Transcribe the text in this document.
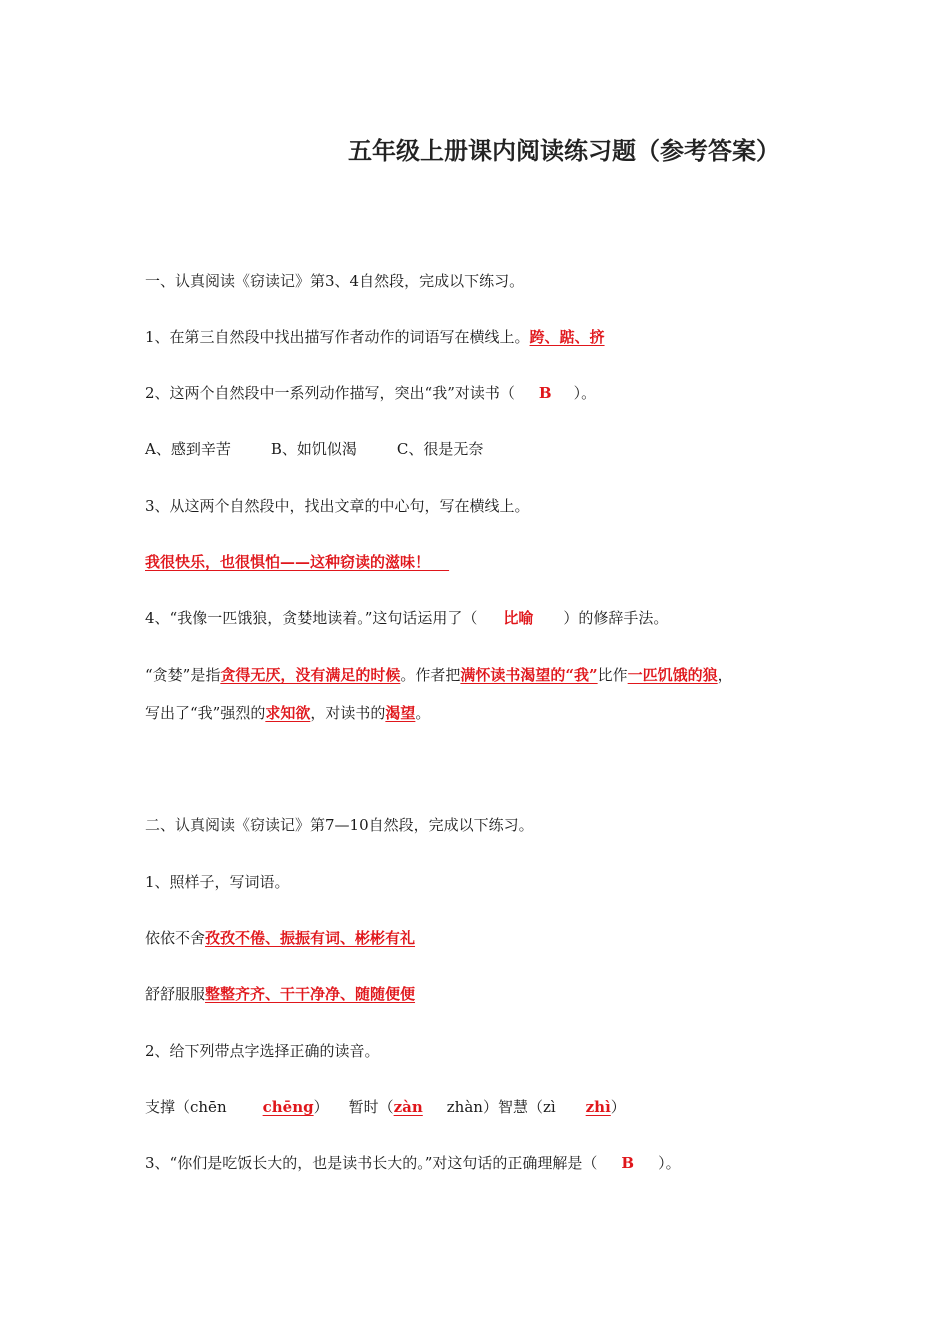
五年级上册课内阅读练习题（参考答案）
一、认真阅读《窃读记》第3、4自然段，完成以下练习。
1、在第三自然段中找出描写作者动作的词语写在横线上。跨、踮、挤
2、这两个自然段中一系列动作描写，突出“我”对读书（ B ）。
A、感到辛苦	B、如饥似渴	C、很是无奈
3、从这两个自然段中，找出文章的中心句，写在横线上。
我很快乐，也很惧怕——这种窃读的滋味！
4、“我像一匹饿狼，贪婪地读着。”这句话运用了（ 比喻 ）的修辞手法。
“贪婪”是指贪得无厌，没有满足的时候。作者把满怀读书渴望的“我”比作一匹饥饿的狼，
写出了“我”强烈的求知欲，对读书的渴望。
二、认真阅读《窃读记》第7—10自然段，完成以下练习。
1、照样子，写词语。
依依不舍孜孜不倦、振振有词、彬彬有礼
舒舒服服整整齐齐、干干净净、随随便便
2、给下列带点字选择正确的读音。
支撑（chēn chēng） 暂时（zàn zhàn）智慧（zì zhì）
3、“你们是吃饭长大的，也是读书长大的。”对这句话的正确理解是（ B ）。
